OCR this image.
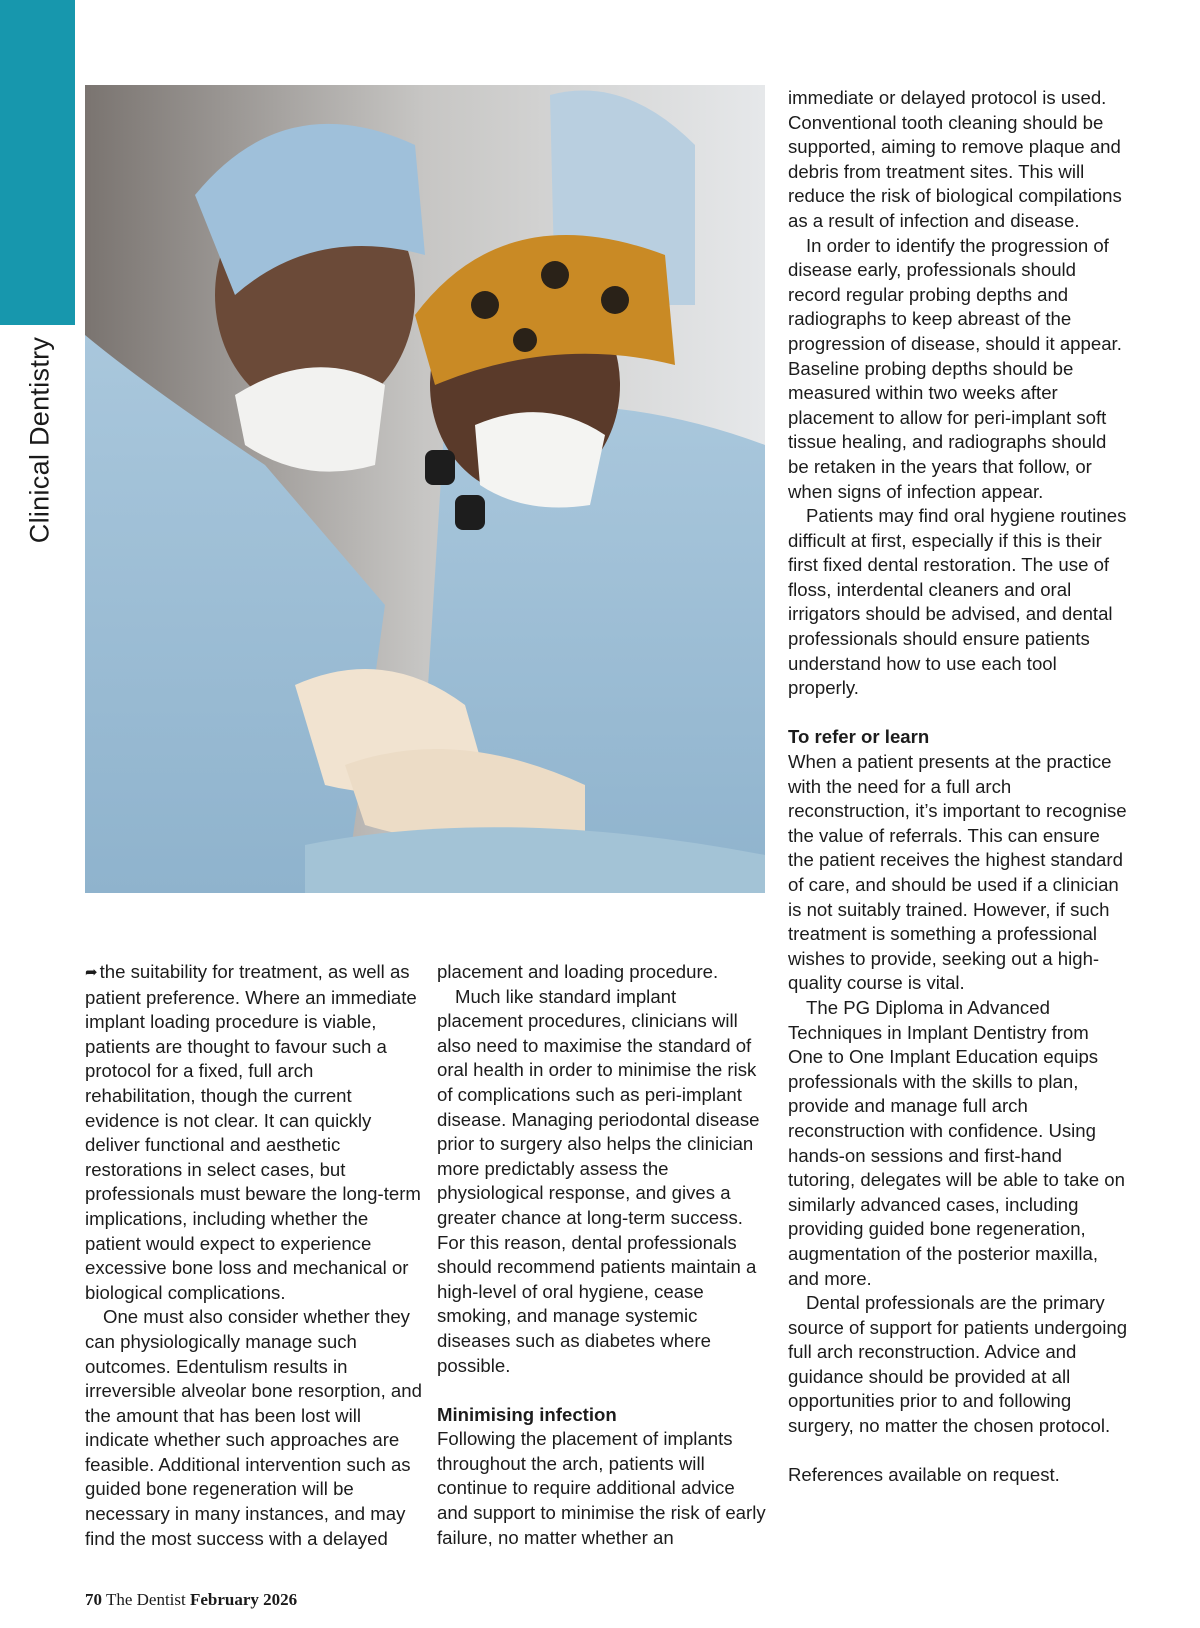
Clinical Dentistry

➦ the suitability for treatment, as well as patient preference. Where an immediate implant loading procedure is viable, patients are thought to favour such a protocol for a fixed, full arch rehabilitation, though the current evidence is not clear. It can quickly deliver functional and aesthetic restorations in select cases, but professionals must beware the long-term implications, including whether the patient would expect to experience excessive bone loss and mechanical or biological complications.

One must also consider whether they can physiologically manage such outcomes. Edentulism results in irreversible alveolar bone resorption, and the amount that has been lost will indicate whether such approaches are feasible. Additional intervention such as guided bone regeneration will be necessary in many instances, and may find the most success with a delayed

placement and loading procedure.

Much like standard implant placement procedures, clinicians will also need to maximise the standard of oral health in order to minimise the risk of complications such as peri-implant disease. Managing periodontal disease prior to surgery also helps the clinician more predictably assess the physiological response, and gives a greater chance at long-term success. For this reason, dental professionals should recommend patients maintain a high-level of oral hygiene, cease smoking, and manage systemic diseases such as diabetes where possible.

Minimising infection

Following the placement of implants throughout the arch, patients will continue to require additional advice and support to minimise the risk of early failure, no matter whether an

immediate or delayed protocol is used. Conventional tooth cleaning should be supported, aiming to remove plaque and debris from treatment sites. This will reduce the risk of biological compilations as a result of infection and disease.

In order to identify the progression of disease early, professionals should record regular probing depths and radiographs to keep abreast of the progression of disease, should it appear. Baseline probing depths should be measured within two weeks after placement to allow for peri-implant soft tissue healing, and radiographs should be retaken in the years that follow, or when signs of infection appear.

Patients may find oral hygiene routines difficult at first, especially if this is their first fixed dental restoration. The use of floss, interdental cleaners and oral irrigators should be advised, and dental professionals should ensure patients understand how to use each tool properly.

To refer or learn

When a patient presents at the practice with the need for a full arch reconstruction, it’s important to recognise the value of referrals. This can ensure the patient receives the highest standard of care, and should be used if a clinician is not suitably trained. However, if such treatment is something a professional wishes to provide, seeking out a high-quality course is vital.

The PG Diploma in Advanced Techniques in Implant Dentistry from One to One Implant Education equips professionals with the skills to plan, provide and manage full arch reconstruction with confidence. Using hands-on sessions and first-hand tutoring, delegates will be able to take on similarly advanced cases, including providing guided bone regeneration, augmentation of the posterior maxilla, and more.

Dental professionals are the primary source of support for patients undergoing full arch reconstruction. Advice and guidance should be provided at all opportunities prior to and following surgery, no matter the chosen protocol.

References available on request.

70 The Dentist February 2026
